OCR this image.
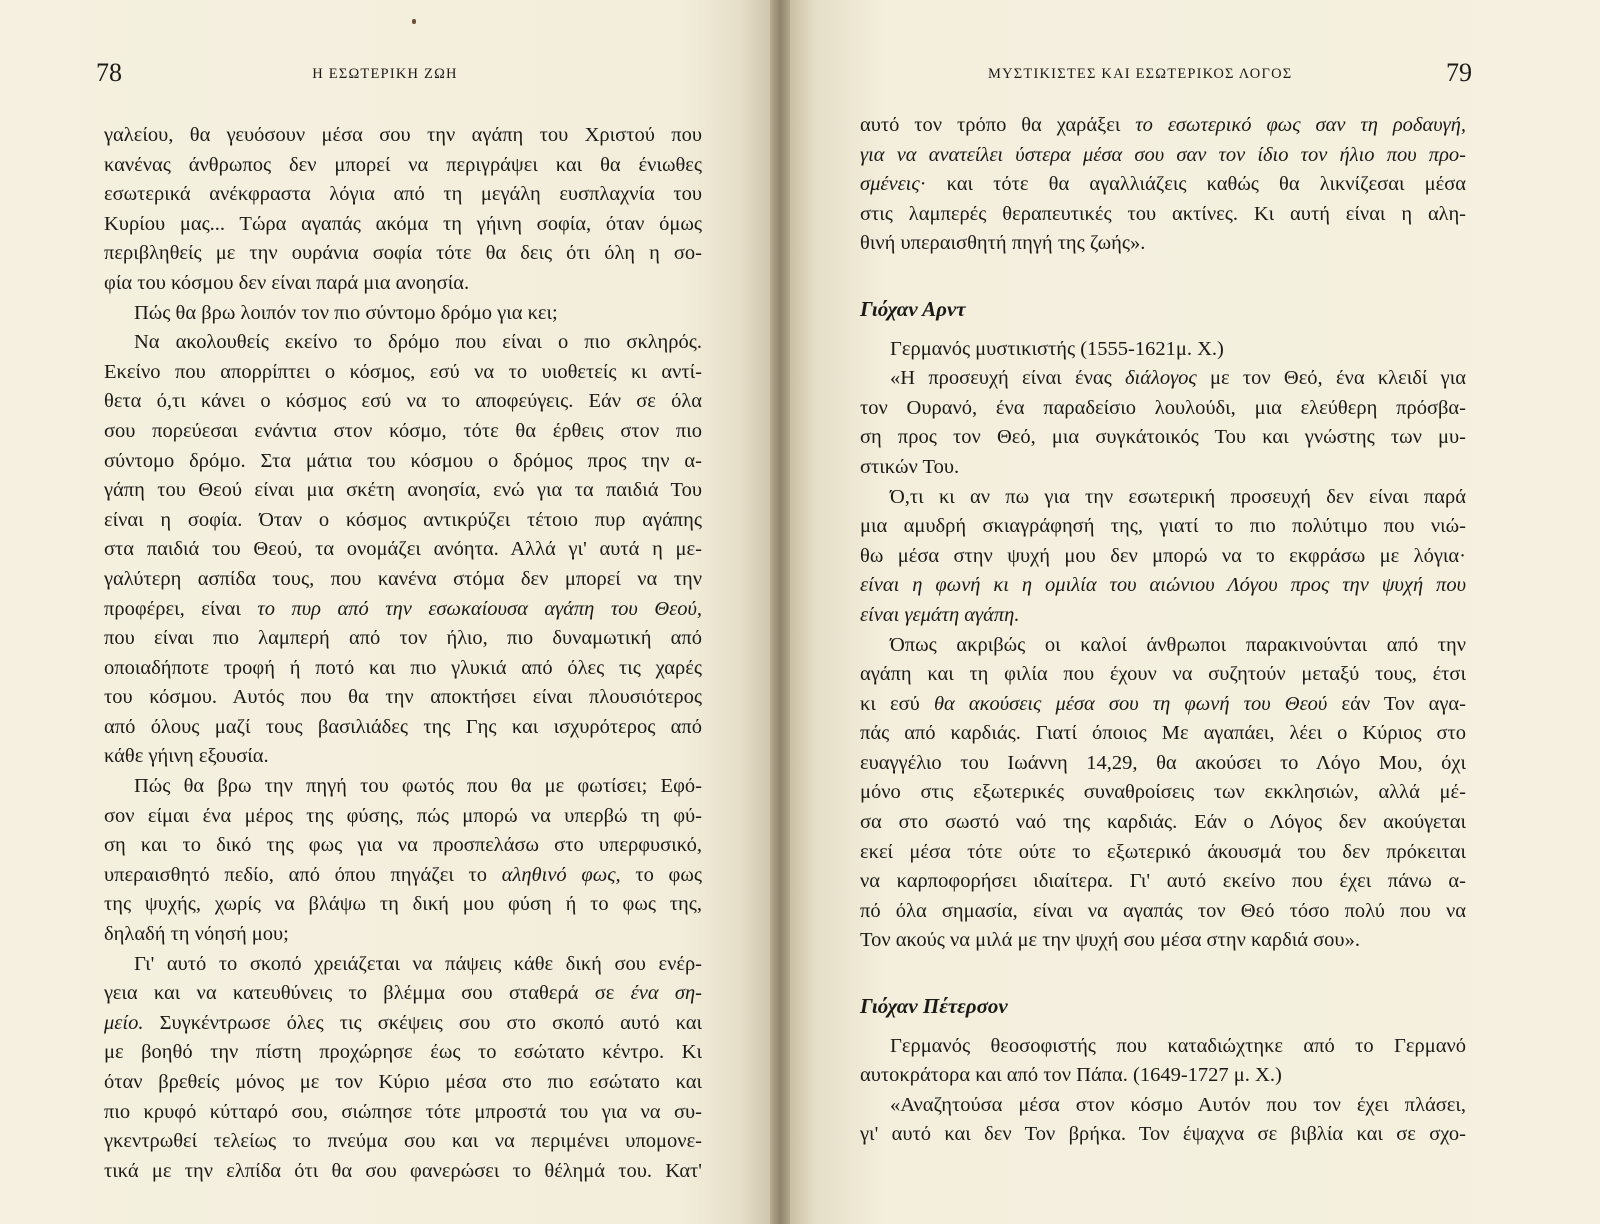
78	Η ΕΣΩΤΕΡΙΚΗ ΖΩΗ
γαλείου, θα γευόσουν μέσα σου την αγάπη του Χριστού που
κανένας άνθρωπος δεν μπορεί να περιγράψει και θα ένιωθες
εσωτερικά ανέκφραστα λόγια από τη μεγάλη ευσπλαχνία του
Κυρίου μας... Τώρα αγαπάς ακόμα τη γήινη σοφία, όταν όμως
περιβληθείς με την ουράνια σοφία τότε θα δεις ότι όλη η σο-
φία του κόσμου δεν είναι παρά μια ανοησία.
Πώς θα βρω λοιπόν τον πιο σύντομο δρόμο για κει;
Να ακολουθείς εκείνο το δρόμο που είναι ο πιο σκληρός.
Εκείνο που απορρίπτει ο κόσμος, εσύ να το υιοθετείς κι αντί-
θετα ό,τι κάνει ο κόσμος εσύ να το αποφεύγεις. Εάν σε όλα
σου πορεύεσαι ενάντια στον κόσμο, τότε θα έρθεις στον πιο
σύντομο δρόμο. Στα μάτια του κόσμου ο δρόμος προς την α-
γάπη του Θεού είναι μια σκέτη ανοησία, ενώ για τα παιδιά Του
είναι η σοφία. Όταν ο κόσμος αντικρύζει τέτοιο πυρ αγάπης
στα παιδιά του Θεού, τα ονομάζει ανόητα. Αλλά γι' αυτά η με-
γαλύτερη ασπίδα τους, που κανένα στόμα δεν μπορεί να την
προφέρει, είναι το πυρ από την εσωκαίουσα αγάπη του Θεού,
που είναι πιο λαμπερή από τον ήλιο, πιο δυναμωτική από
οποιαδήποτε τροφή ή ποτό και πιο γλυκιά από όλες τις χαρές
του κόσμου. Αυτός που θα την αποκτήσει είναι πλουσιότερος
από όλους μαζί τους βασιλιάδες της Γης και ισχυρότερος από
κάθε γήινη εξουσία.
Πώς θα βρω την πηγή του φωτός που θα με φωτίσει; Εφό-
σον είμαι ένα μέρος της φύσης, πώς μπορώ να υπερβώ τη φύ-
ση και το δικό της φως για να προσπελάσω στο υπερφυσικό,
υπεραισθητό πεδίο, από όπου πηγάζει το αληθινό φως, το φως
της ψυχής, χωρίς να βλάψω τη δική μου φύση ή το φως της,
δηλαδή τη νόησή μου;
Γι' αυτό το σκοπό χρειάζεται να πάψεις κάθε δική σου ενέρ-
γεια και να κατευθύνεις το βλέμμα σου σταθερά σε ένα ση-
μείο. Συγκέντρωσε όλες τις σκέψεις σου στο σκοπό αυτό και
με βοηθό την πίστη προχώρησε έως το εσώτατο κέντρο. Κι
όταν βρεθείς μόνος με τον Κύριο μέσα στο πιο εσώτατο και
πιο κρυφό κύτταρό σου, σιώπησε τότε μπροστά του για να συ-
γκεντρωθεί τελείως το πνεύμα σου και να περιμένει υπομονε-
τικά με την ελπίδα ότι θα σου φανερώσει το θέλημά του. Κατ'
ΜΥΣΤΙΚΙΣΤΕΣ ΚΑΙ ΕΣΩΤΕΡΙΚΟΣ ΛΟΓΟΣ	79
αυτό τον τρόπο θα χαράξει το εσωτερικό φως σαν τη ροδαυγή,
για να ανατείλει ύστερα μέσα σου σαν τον ίδιο τον ήλιο που προ-
σμένεις· και τότε θα αγαλλιάζεις καθώς θα λικνίζεσαι μέσα
στις λαμπερές θεραπευτικές του ακτίνες. Κι αυτή είναι η αλη-
θινή υπεραισθητή πηγή της ζωής».
Γιόχαν Αρντ
Γερμανός μυστικιστής (1555-1621μ. Χ.)
«Η προσευχή είναι ένας διάλογος με τον Θεό, ένα κλειδί για
τον Ουρανό, ένα παραδείσιο λουλούδι, μια ελεύθερη πρόσβα-
ση προς τον Θεό, μια συγκάτοικός Του και γνώστης των μυ-
στικών Του.
Ό,τι κι αν πω για την εσωτερική προσευχή δεν είναι παρά
μια αμυδρή σκιαγράφησή της, γιατί το πιο πολύτιμο που νιώ-
θω μέσα στην ψυχή μου δεν μπορώ να το εκφράσω με λόγια·
είναι η φωνή κι η ομιλία του αιώνιου Λόγου προς την ψυχή που
είναι γεμάτη αγάπη.
Όπως ακριβώς οι καλοί άνθρωποι παρακινούνται από την
αγάπη και τη φιλία που έχουν να συζητούν μεταξύ τους, έτσι
κι εσύ θα ακούσεις μέσα σου τη φωνή του Θεού εάν Τον αγα-
πάς από καρδιάς. Γιατί όποιος Με αγαπάει, λέει ο Κύριος στο
ευαγγέλιο του Ιωάννη 14,29, θα ακούσει το Λόγο Μου, όχι
μόνο στις εξωτερικές συναθροίσεις των εκκλησιών, αλλά μέ-
σα στο σωστό ναό της καρδιάς. Εάν ο Λόγος δεν ακούγεται
εκεί μέσα τότε ούτε το εξωτερικό άκουσμά του δεν πρόκειται
να καρποφορήσει ιδιαίτερα. Γι' αυτό εκείνο που έχει πάνω α-
πό όλα σημασία, είναι να αγαπάς τον Θεό τόσο πολύ που να
Τον ακούς να μιλά με την ψυχή σου μέσα στην καρδιά σου».
Γιόχαν Πέτερσον
Γερμανός θεοσοφιστής που καταδιώχτηκε από το Γερμανό
αυτοκράτορα και από τον Πάπα. (1649-1727 μ. Χ.)
«Αναζητούσα μέσα στον κόσμο Αυτόν που τον έχει πλάσει,
γι' αυτό και δεν Τον βρήκα. Τον έψαχνα σε βιβλία και σε σχο-
